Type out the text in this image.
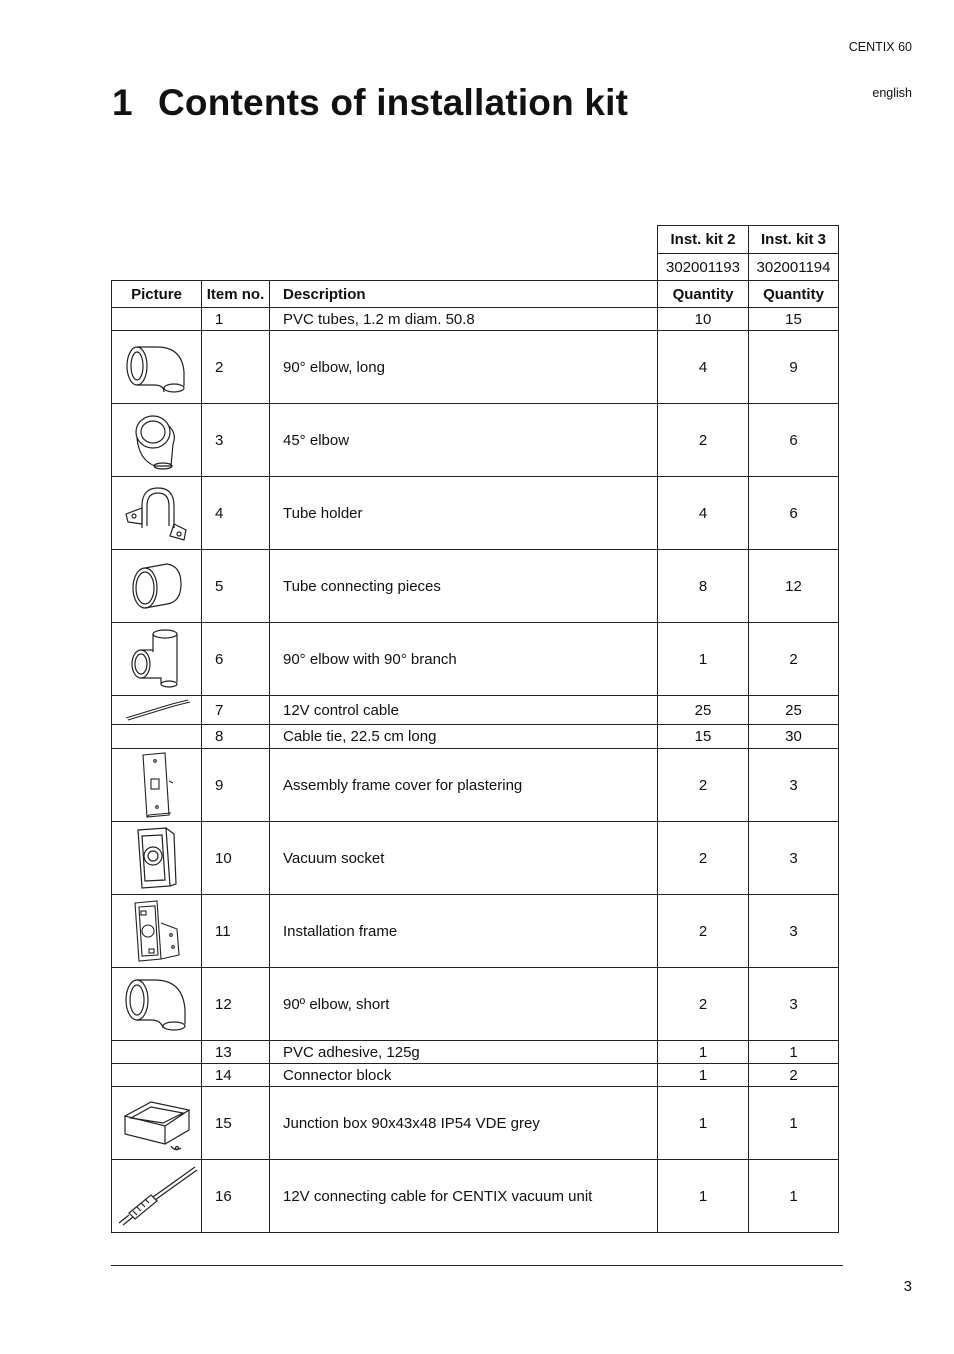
CENTIX 60
english
1 Contents of installation kit
			Inst. kit 2	Inst. kit 3
			302001193	302001194
Picture	Item no.	Description	Quantity	Quantity
	1	PVC tubes, 1.2 m diam. 50.8	10	15

	2	90° elbow, long	4	9

	3	45° elbow	2	6

	4	Tube holder	4	6

	5	Tube connecting pieces	8	12

	6	90° elbow with 90° branch	1	2

	7	12V control cable	25	25
	8	Cable tie, 22.5 cm long	15	30

	9	Assembly frame cover for plastering	2	3

	10	Vacuum socket	2	3

	11	Installation frame	2	3

	12	90º elbow, short	2	3
	13	PVC adhesive, 125g	1	1
	14	Connector block	1	2

	15	Junction box 90x43x48 IP54 VDE grey	1	1

	16	12V connecting cable for CENTIX vacuum unit	1	1
3
